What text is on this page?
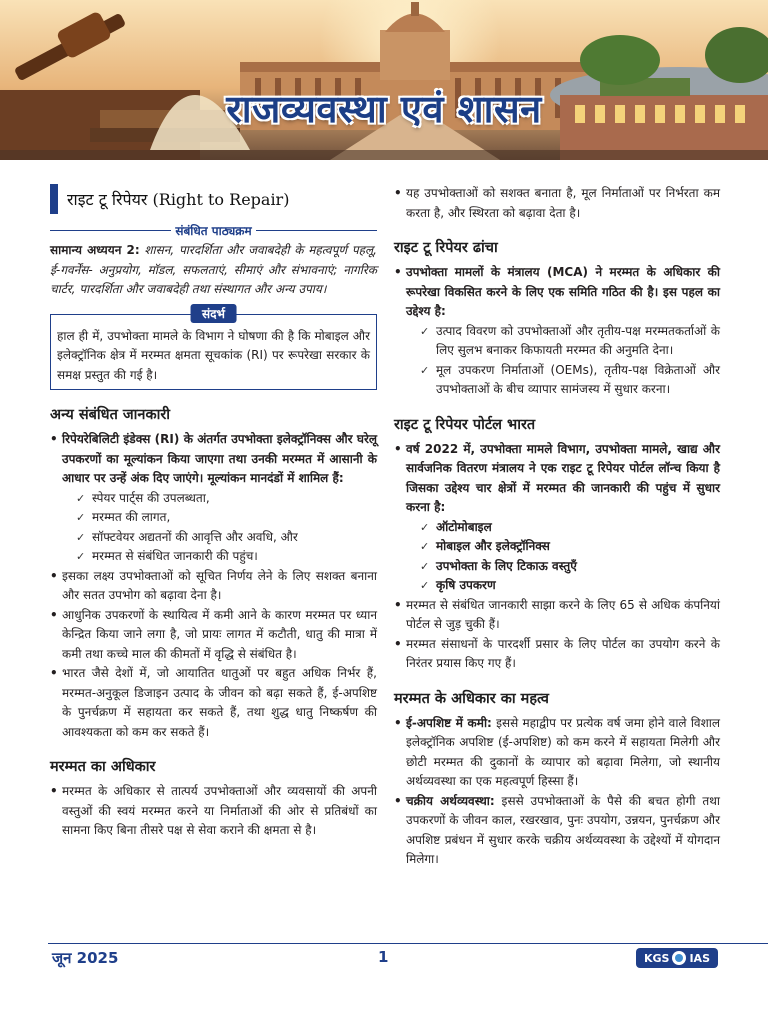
राजव्यवस्था एवं शासन
राइट टू रिपेयर (Right to Repair)
संबंधित पाठ्यक्रम

सामान्य अध्ययन 2: शासन, पारदर्शिता और जवाबदेही के महत्वपूर्ण पहलू, ई-गवर्नेंस- अनुप्रयोग, मॉडल, सफलताएं, सीमाएं और संभावनाएं; नागरिक चार्टर, पारदर्शिता और जवाबदेही तथा संस्थागत और अन्य उपाय।

संदर्भ

हाल ही में, उपभोक्ता मामले के विभाग ने घोषणा की है कि मोबाइल और इलेक्ट्रॉनिक क्षेत्र में मरम्मत क्षमता सूचकांक (RI) पर रूपरेखा सरकार के समक्ष प्रस्तुत की गई है।

अन्य संबंधित जानकारी
• रिपेयरेबिलिटी इंडेक्स (RI) के अंतर्गत उपभोक्ता इलेक्ट्रॉनिक्स और घरेलू उपकरणों का मूल्यांकन किया जाएगा तथा उनकी मरम्मत में आसानी के आधार पर उन्हें अंक दिए जाएंगे। मूल्यांकन मानदंडों में शामिल हैं:
✓ स्पेयर पार्ट्स की उपलब्धता,
✓ मरम्मत की लागत,
✓ सॉफ्टवेयर अद्यतनों की आवृत्ति और अवधि, और
✓ मरम्मत से संबंधित जानकारी की पहुंच।
• इसका लक्ष्य उपभोक्ताओं को सूचित निर्णय लेने के लिए सशक्त बनाना और सतत उपभोग को बढ़ावा देना है।
• आधुनिक उपकरणों के स्थायित्व में कमी आने के कारण मरम्मत पर ध्यान केन्द्रित किया जाने लगा है, जो प्रायः लागत में कटौती, धातु की मात्रा में कमी तथा कच्चे माल की कीमतों में वृद्धि से संबंधित है।
• भारत जैसे देशों में, जो आयातित धातुओं पर बहुत अधिक निर्भर हैं, मरम्मत-अनुकूल डिजाइन उत्पाद के जीवन को बढ़ा सकते हैं, ई-अपशिष्ट के पुनर्चक्रण में सहायता कर सकते हैं, तथा शुद्ध धातु निष्कर्षण की आवश्यकता को कम कर सकते हैं।
मरम्मत का अधिकार
• मरम्मत के अधिकार से तात्पर्य उपभोक्ताओं और व्यवसायों की अपनी वस्तुओं की स्वयं मरम्मत करने या निर्माताओं की ओर से प्रतिबंधों का सामना किए बिना तीसरे पक्ष से सेवा कराने की क्षमता से है।
• यह उपभोक्ताओं को सशक्त बनाता है, मूल निर्माताओं पर निर्भरता कम करता है, और स्थिरता को बढ़ावा देता है।
राइट टू रिपेयर ढांचा
• उपभोक्ता मामलों के मंत्रालय (MCA) ने मरम्मत के अधिकार की रूपरेखा विकसित करने के लिए एक समिति गठित की है। इस पहल का उद्देश्य है:
✓ उत्पाद विवरण को उपभोक्ताओं और तृतीय-पक्ष मरम्मतकर्ताओं के लिए सुलभ बनाकर किफायती मरम्मत की अनुमति देना।
✓ मूल उपकरण निर्माताओं (OEMs), तृतीय-पक्ष विक्रेताओं और उपभोक्ताओं के बीच व्यापार सामंजस्य में सुधार करना।
राइट टू रिपेयर पोर्टल भारत
• वर्ष 2022 में, उपभोक्ता मामले विभाग, उपभोक्ता मामले, खाद्य और सार्वजनिक वितरण मंत्रालय ने एक राइट टू रिपेयर पोर्टल लॉन्च किया है जिसका उद्देश्य चार क्षेत्रों में मरम्मत की जानकारी की पहुंच में सुधार करना है:
✓ ऑटोमोबाइल
✓ मोबाइल और इलेक्ट्रॉनिक्स
✓ उपभोक्ता के लिए टिकाऊ वस्तुएँ
✓ कृषि उपकरण
• मरम्मत से संबंधित जानकारी साझा करने के लिए 65 से अधिक कंपनियां पोर्टल से जुड़ चुकी हैं।
• मरम्मत संसाधनों के पारदर्शी प्रसार के लिए पोर्टल का उपयोग करने के निरंतर प्रयास किए गए हैं।
मरम्मत के अधिकार का महत्व
• ई-अपशिष्ट में कमी: इससे महाद्वीप पर प्रत्येक वर्ष जमा होने वाले विशाल इलेक्ट्रॉनिक अपशिष्ट (ई-अपशिष्ट) को कम करने में सहायता मिलेगी और छोटी मरम्मत की दुकानों के व्यापार को बढ़ावा मिलेगा, जो स्थानीय अर्थव्यवस्था का एक महत्वपूर्ण हिस्सा हैं।
• चक्रीय अर्थव्यवस्था: इससे उपभोक्ताओं के पैसे की बचत होगी तथा उपकरणों के जीवन काल, रखरखाव, पुनः उपयोग, उन्नयन, पुनर्चक्रण और अपशिष्ट प्रबंधन में सुधार करके चक्रीय अर्थव्यवस्था के उद्देश्यों में योगदान मिलेगा।
जून 2025	1	KGS IAS
